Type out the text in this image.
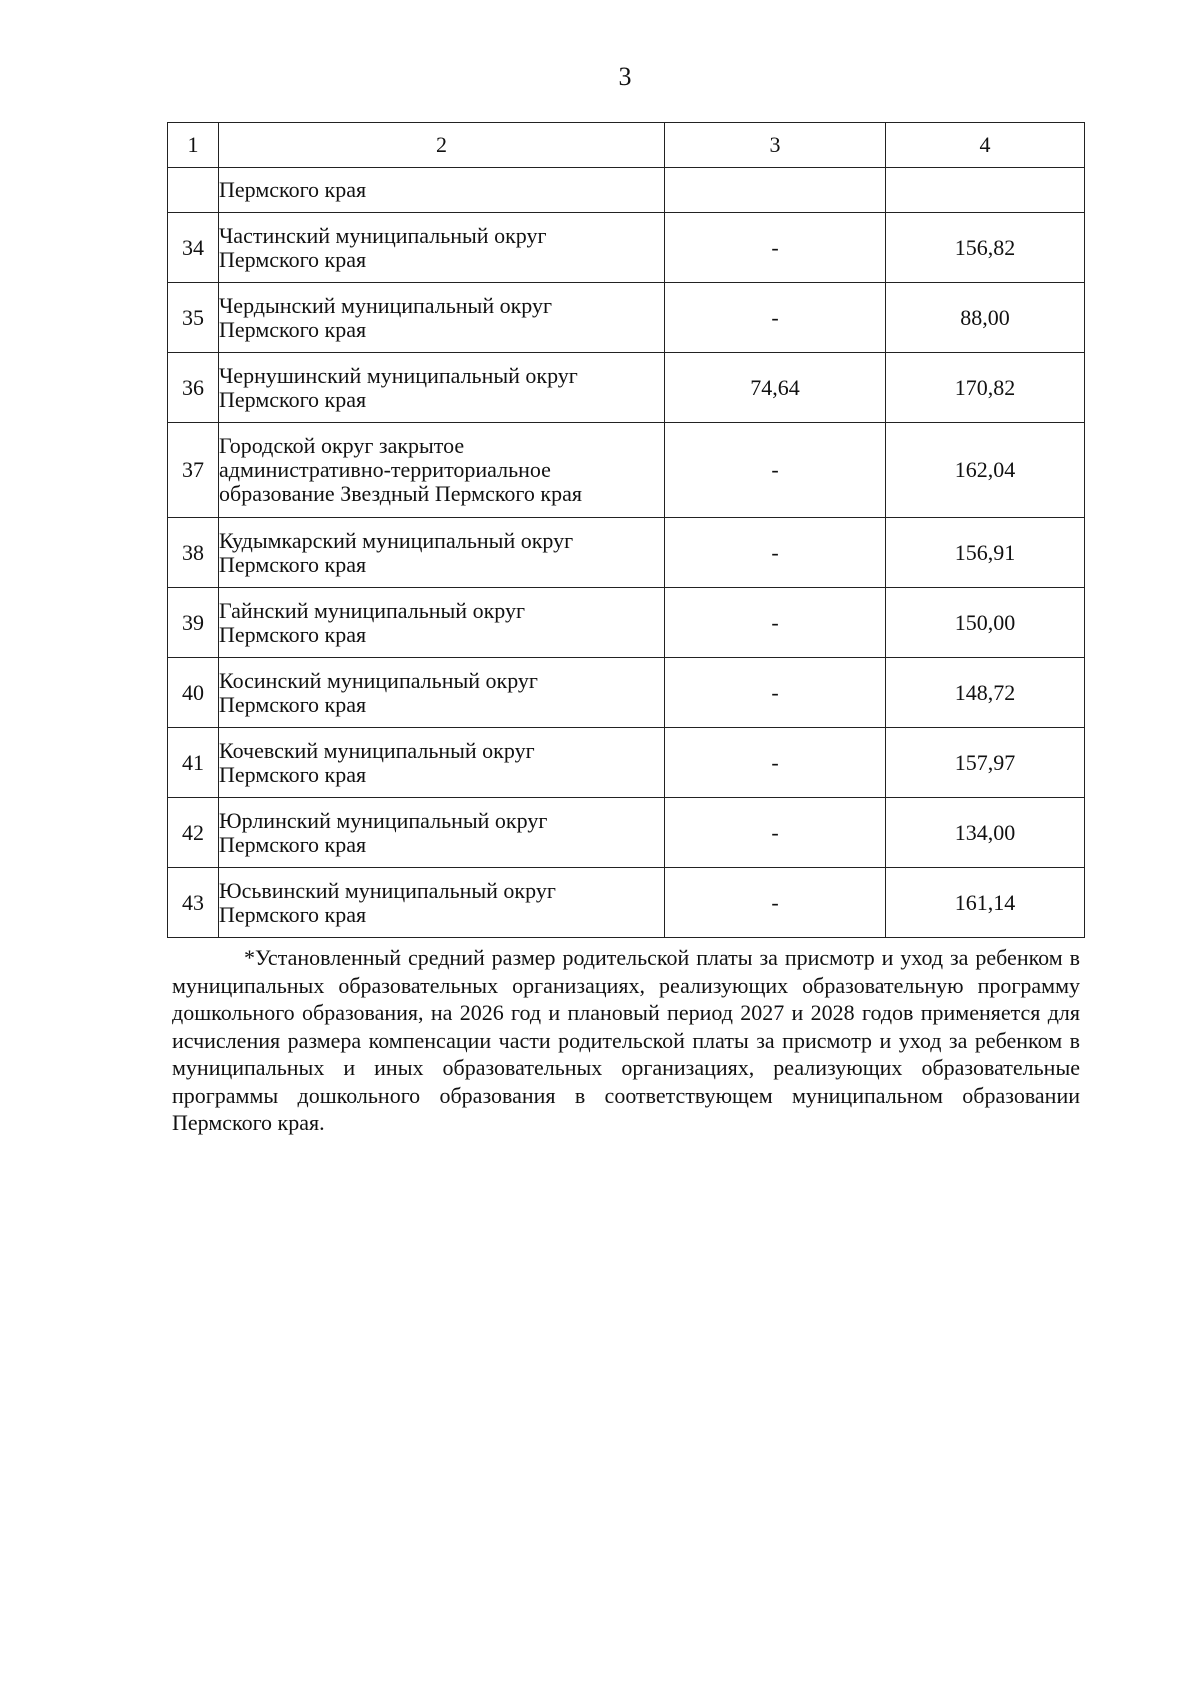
3
1	2	3	4

	Пермского края		

34	Частинский муниципальный округ
Пермского края	-	156,82
35	Чердынский муниципальный округ
Пермского края	-	88,00
36	Чернушинский муниципальный округ
Пермского края	74,64	170,82
37	Городской округ закрытое
административно-территориальное
образование Звездный Пермского края	-	162,04
38	Кудымкарский муниципальный округ
Пермского края	-	156,91
39	Гайнский муниципальный округ
Пермского края	-	150,00
40	Косинский муниципальный округ
Пермского края	-	148,72
41	Кочевский муниципальный округ
Пермского края	-	157,97
42	Юрлинский муниципальный округ
Пермского края	-	134,00
43	Юсьвинский муниципальный округ
Пермского края	-	161,14

*Установленный средний размер родительской платы за присмотр и уход за ребенком в муниципальных образовательных организациях, реализующих образовательную программу дошкольного образования, на 2026 год и плановый период 2027 и 2028 годов применяется для исчисления размера компенсации части родительской платы за присмотр и уход за ребенком в муниципальных и иных образовательных организациях, реализующих образовательные программы дошкольного образования в соответствующем муниципальном образовании Пермского края.
